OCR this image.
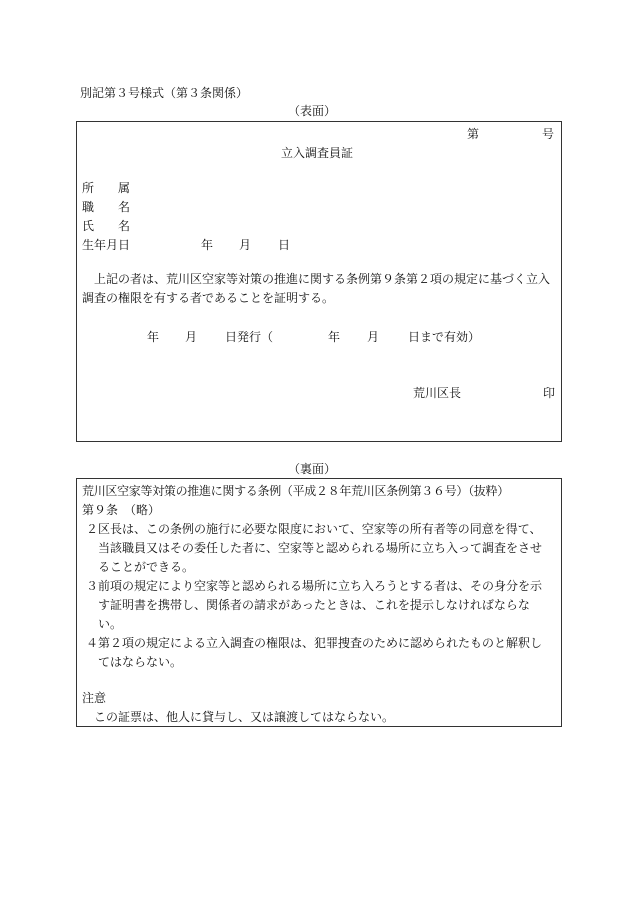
別記第３号様式（第３条関係）
（表面）
第	号
立入調査員証
所　　属
職　　名
氏　　名
生年月日	年 月 日
上記の者は、荒川区空家等対策の推進に関する条例第９条第２項の規定に基づく立入調査の権限を有する者であることを証明する。
年 月 日発行（	年 月 日まで有効）
荒川区長	印
（裏面）
荒川区空家等対策の推進に関する条例（平成２８年荒川区条例第３６号）（抜粋）
第９条　（略）
２ 区長は、この条例の施行に必要な限度において、空家等の所有者等の同意を得て、当該職員又はその委任した者に、空家等と認められる場所に立ち入って調査をさせることができる。
３ 前項の規定により空家等と認められる場所に立ち入ろうとする者は、その身分を示す証明書を携帯し、関係者の請求があったときは、これを提示しなければならない。
４ 第２項の規定による立入調査の権限は、犯罪捜査のために認められたものと解釈してはならない。
注意
この証票は、他人に貸与し、又は譲渡してはならない。
